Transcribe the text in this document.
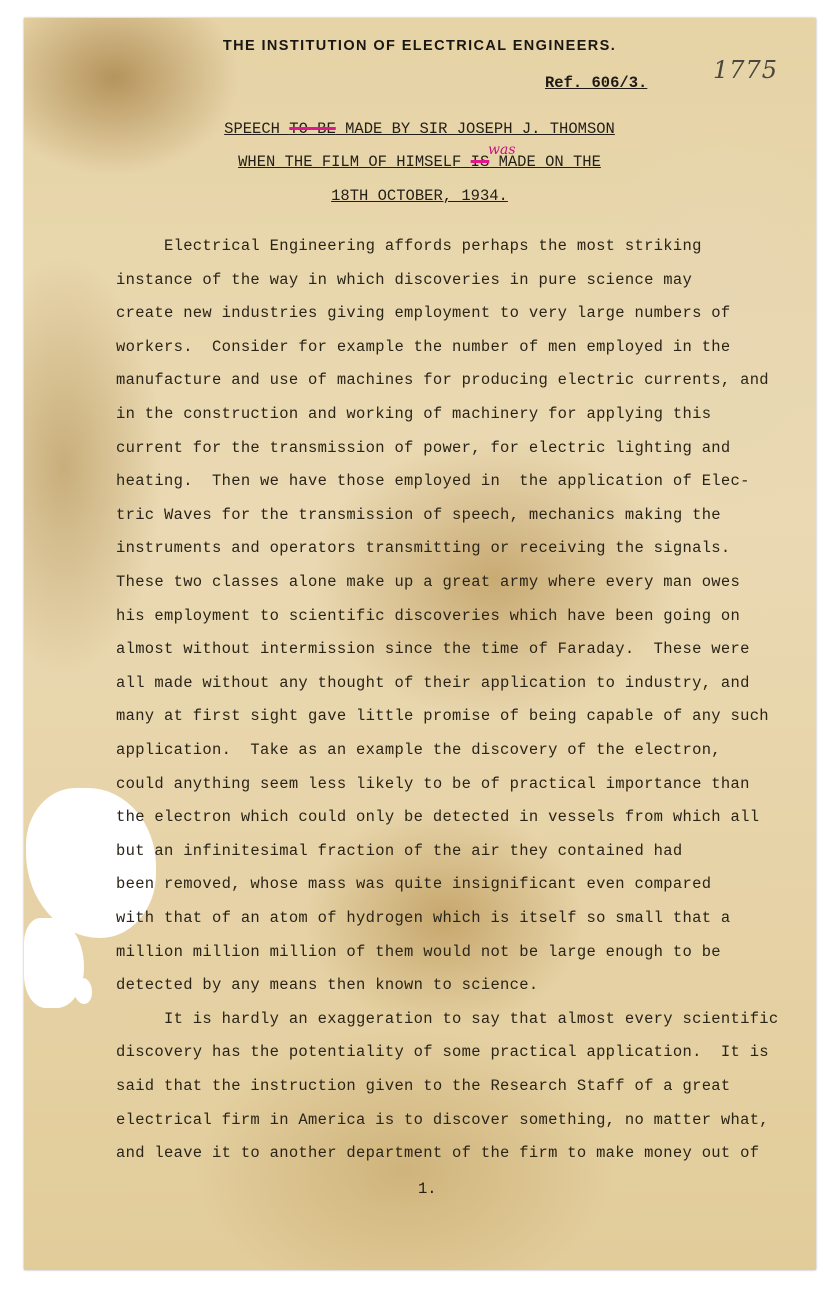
THE INSTITUTION OF ELECTRICAL ENGINEERS.
Ref. 606/3.	1775
was
SPEECH TO BE MADE BY SIR JOSEPH J. THOMSON
WHEN THE FILM OF HIMSELF IS MADE ON THE
18TH OCTOBER, 1934.
Electrical Engineering affords perhaps the most striking
instance of the way in which discoveries in pure science may
create new industries giving employment to very large numbers of
workers.  Consider for example the number of men employed in the
manufacture and use of machines for producing electric currents, and
in the construction and working of machinery for applying this
current for the transmission of power, for electric lighting and
heating.  Then we have those employed in  the application of Elec-
tric Waves for the transmission of speech, mechanics making the
instruments and operators transmitting or receiving the signals.
These two classes alone make up a great army where every man owes
his employment to scientific discoveries which have been going on
almost without intermission since the time of Faraday.  These were
all made without any thought of their application to industry, and
many at first sight gave little promise of being capable of any such
application.  Take as an example the discovery of the electron,
could anything seem less likely to be of practical importance than
the electron which could only be detected in vessels from which all
but an infinitesimal fraction of the air they contained had
been removed, whose mass was quite insignificant even compared
with that of an atom of hydrogen which is itself so small that a
million million million of them would not be large enough to be
detected by any means then known to science.
It is hardly an exaggeration to say that almost every scientific
discovery has the potentiality of some practical application.  It is
said that the instruction given to the Research Staff of a great
electrical firm in America is to discover something, no matter what,
and leave it to another department of the firm to make money out of
1.
